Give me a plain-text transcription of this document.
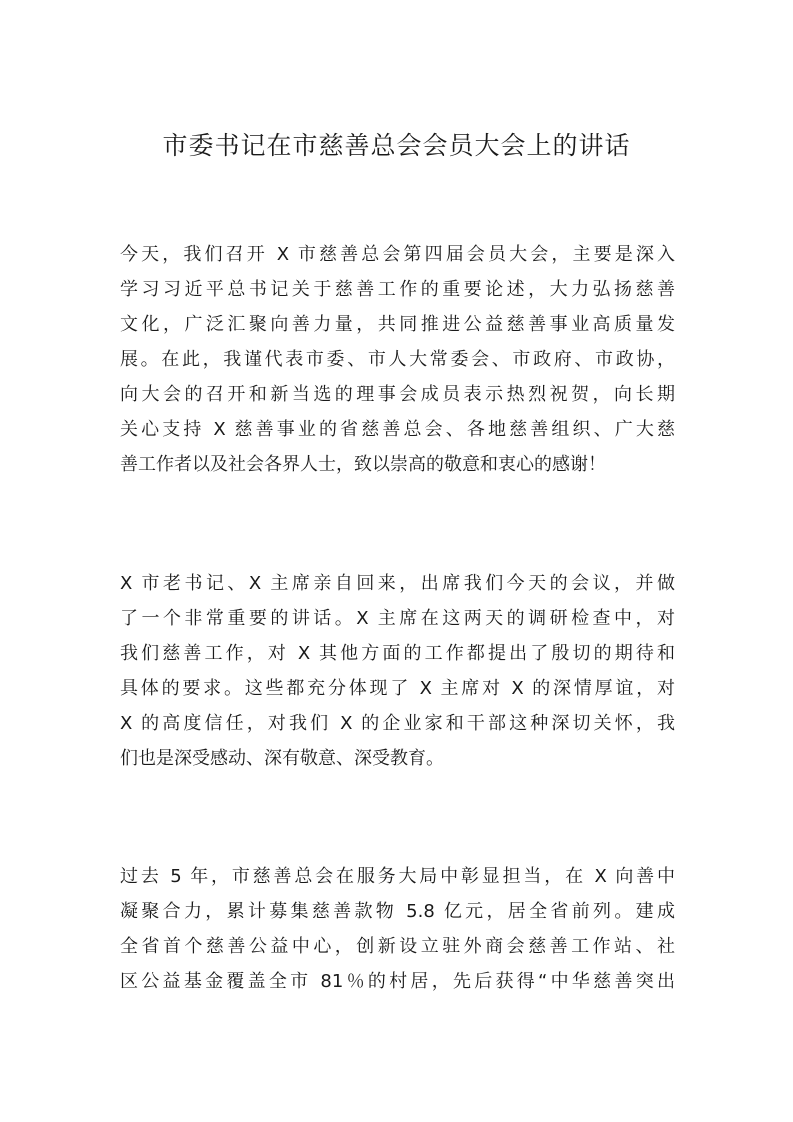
市委书记在市慈善总会会员大会上的讲话
今天，我们召开 X 市慈善总会第四届会员大会，主要是深入
学习习近平总书记关于慈善工作的重要论述，大力弘扬慈善
文化，广泛汇聚向善力量，共同推进公益慈善事业高质量发
展。在此，我谨代表市委、市人大常委会、市政府、市政协，
向大会的召开和新当选的理事会成员表示热烈祝贺，向长期
关心支持 X 慈善事业的省慈善总会、各地慈善组织、广大慈
善工作者以及社会各界人士，致以崇高的敬意和衷心的感谢！
X 市老书记、X 主席亲自回来，出席我们今天的会议，并做
了一个非常重要的讲话。X 主席在这两天的调研检查中，对
我们慈善工作，对 X 其他方面的工作都提出了殷切的期待和
具体的要求。这些都充分体现了 X 主席对 X 的深情厚谊，对
X 的高度信任，对我们 X 的企业家和干部这种深切关怀，我
们也是深受感动、深有敬意、深受教育。
过去 5 年，市慈善总会在服务大局中彰显担当，在 X 向善中
凝聚合力，累计募集慈善款物 5.8 亿元，居全省前列。建成
全省首个慈善公益中心，创新设立驻外商会慈善工作站、社
区公益基金覆盖全市 81％的村居，先后获得“中华慈善突出
